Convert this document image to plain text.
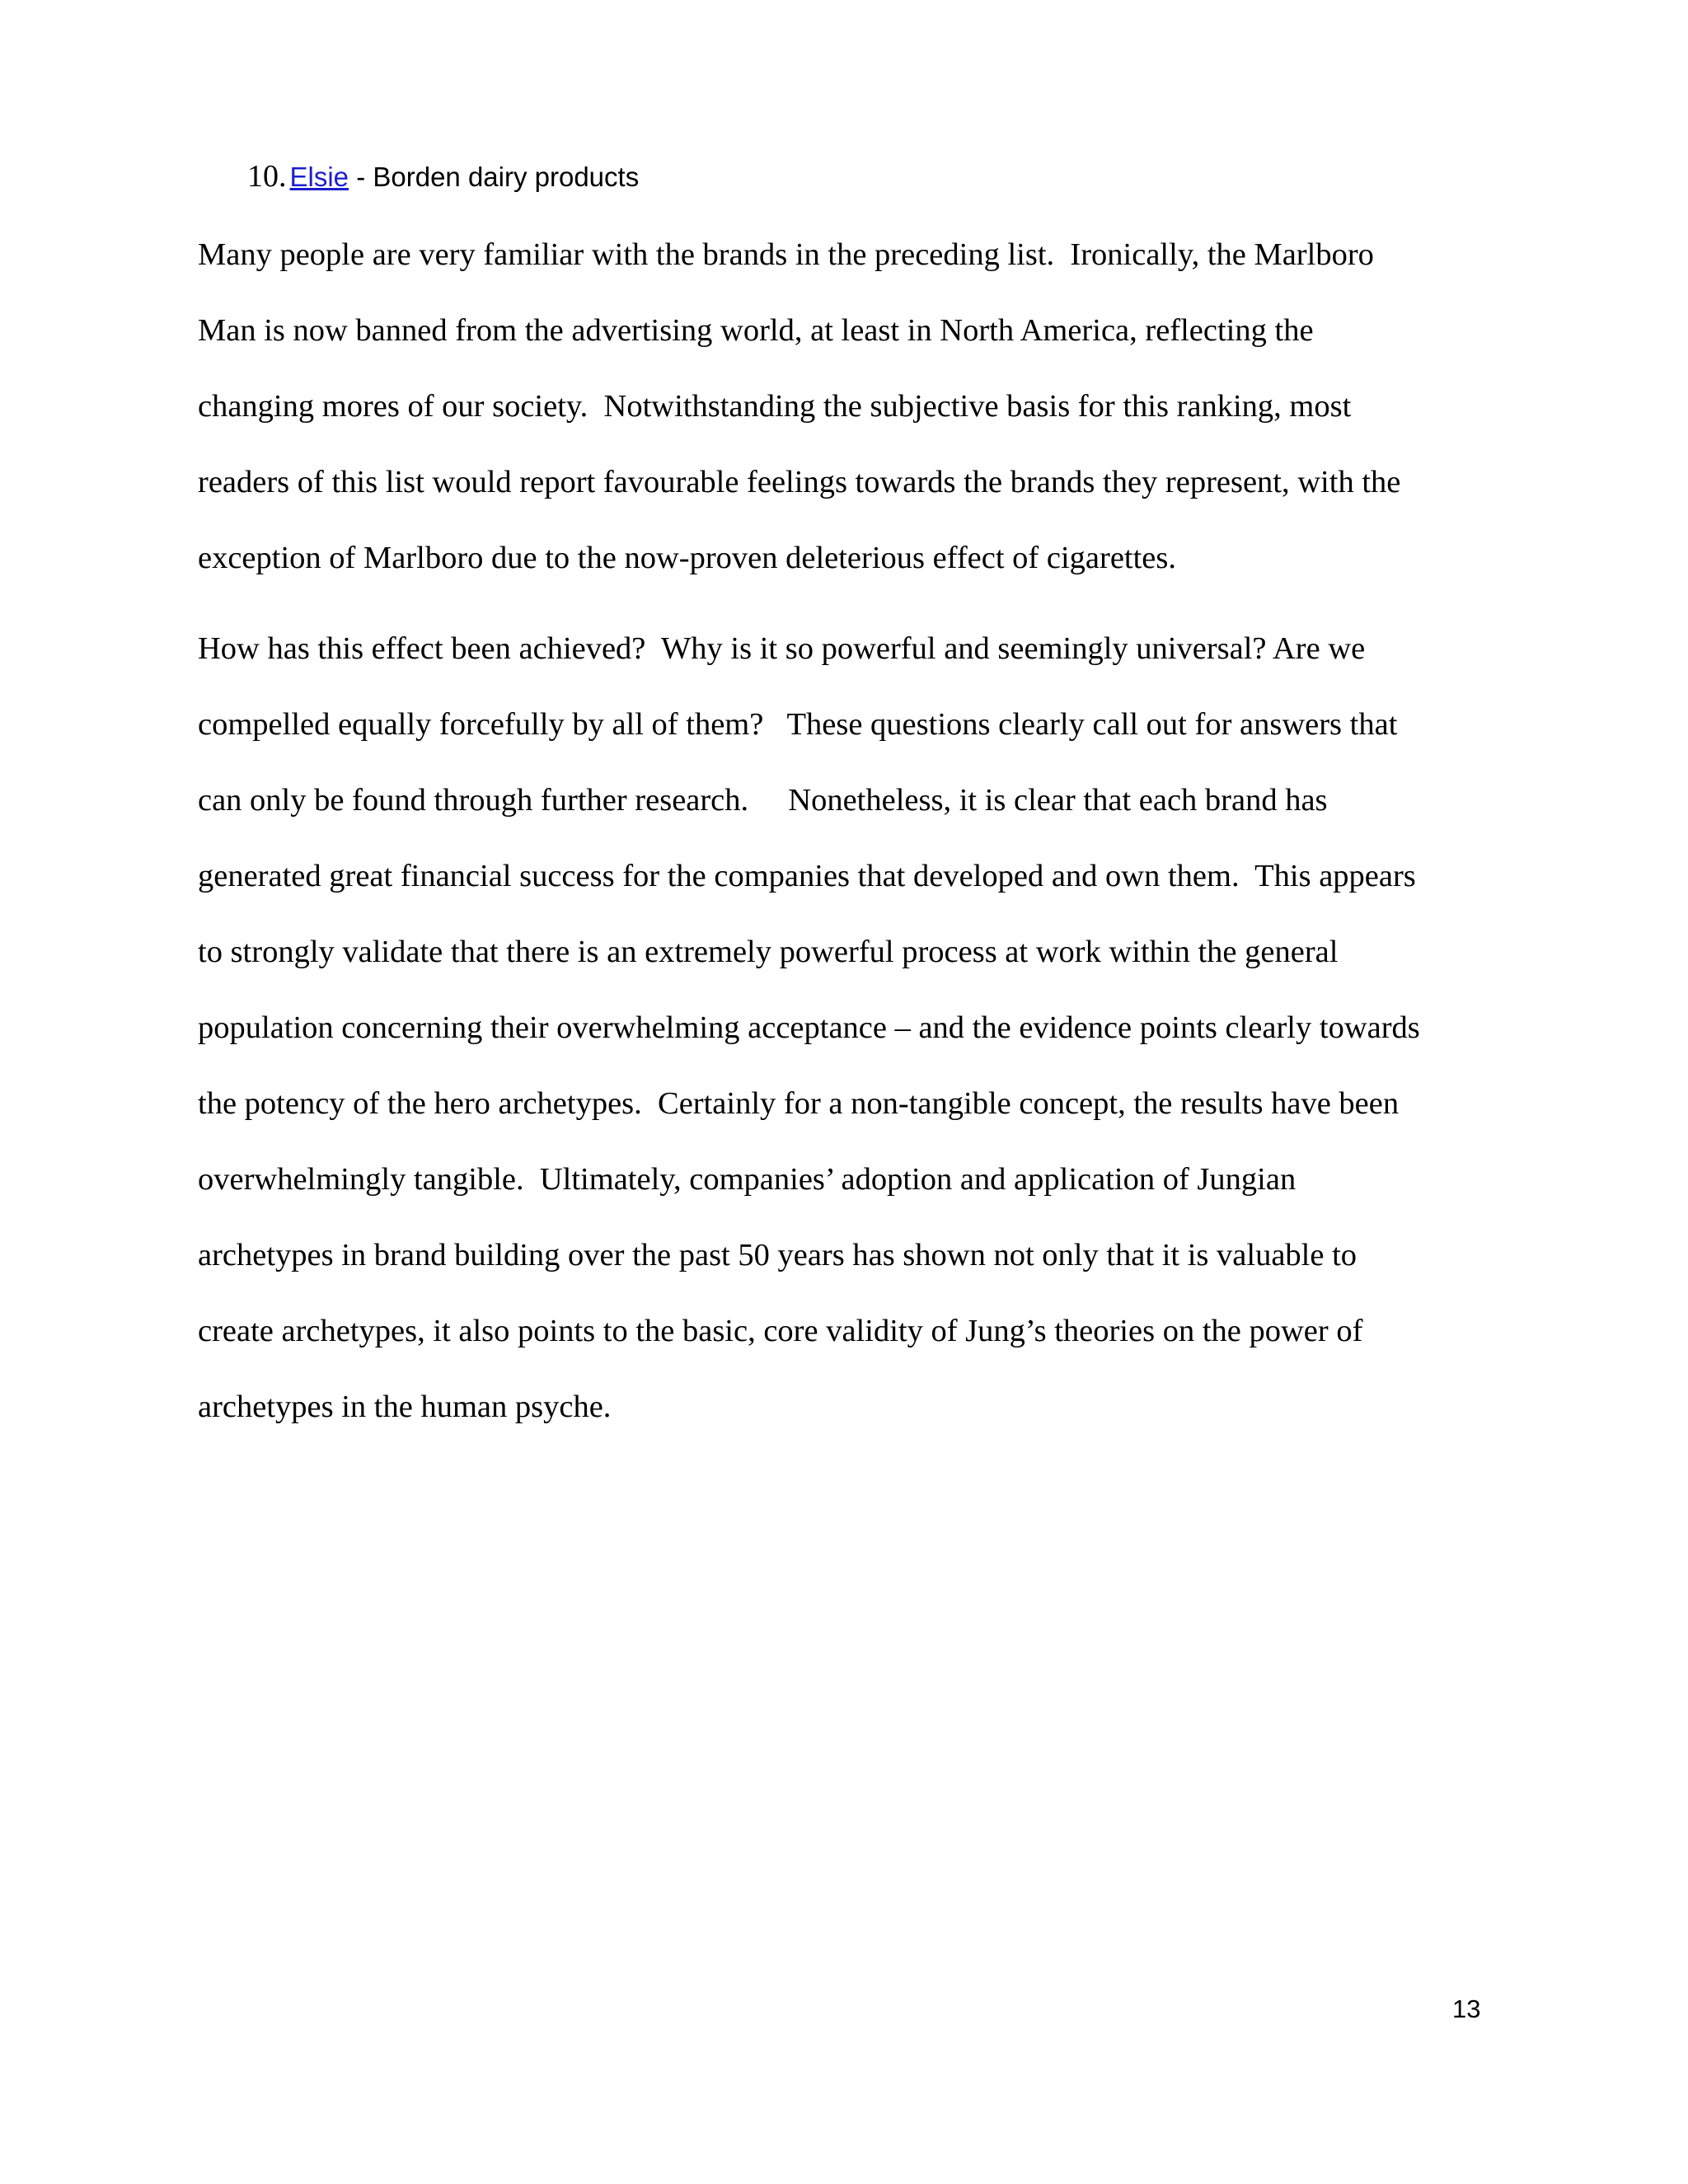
10. Elsie - Borden dairy products
Many people are very familiar with the brands in the preceding list.  Ironically, the Marlboro
Man is now banned from the advertising world, at least in North America, reflecting the
changing mores of our society.  Notwithstanding the subjective basis for this ranking, most
readers of this list would report favourable feelings towards the brands they represent, with the
exception of Marlboro due to the now-proven deleterious effect of cigarettes.
How has this effect been achieved?  Why is it so powerful and seemingly universal? Are we
compelled equally forcefully by all of them?   These questions clearly call out for answers that
can only be found through further research.     Nonetheless, it is clear that each brand has
generated great financial success for the companies that developed and own them.  This appears
to strongly validate that there is an extremely powerful process at work within the general
population concerning their overwhelming acceptance – and the evidence points clearly towards
the potency of the hero archetypes.  Certainly for a non-tangible concept, the results have been
overwhelmingly tangible.  Ultimately, companies’ adoption and application of Jungian
archetypes in brand building over the past 50 years has shown not only that it is valuable to
create archetypes, it also points to the basic, core validity of Jung’s theories on the power of
archetypes in the human psyche.
13
